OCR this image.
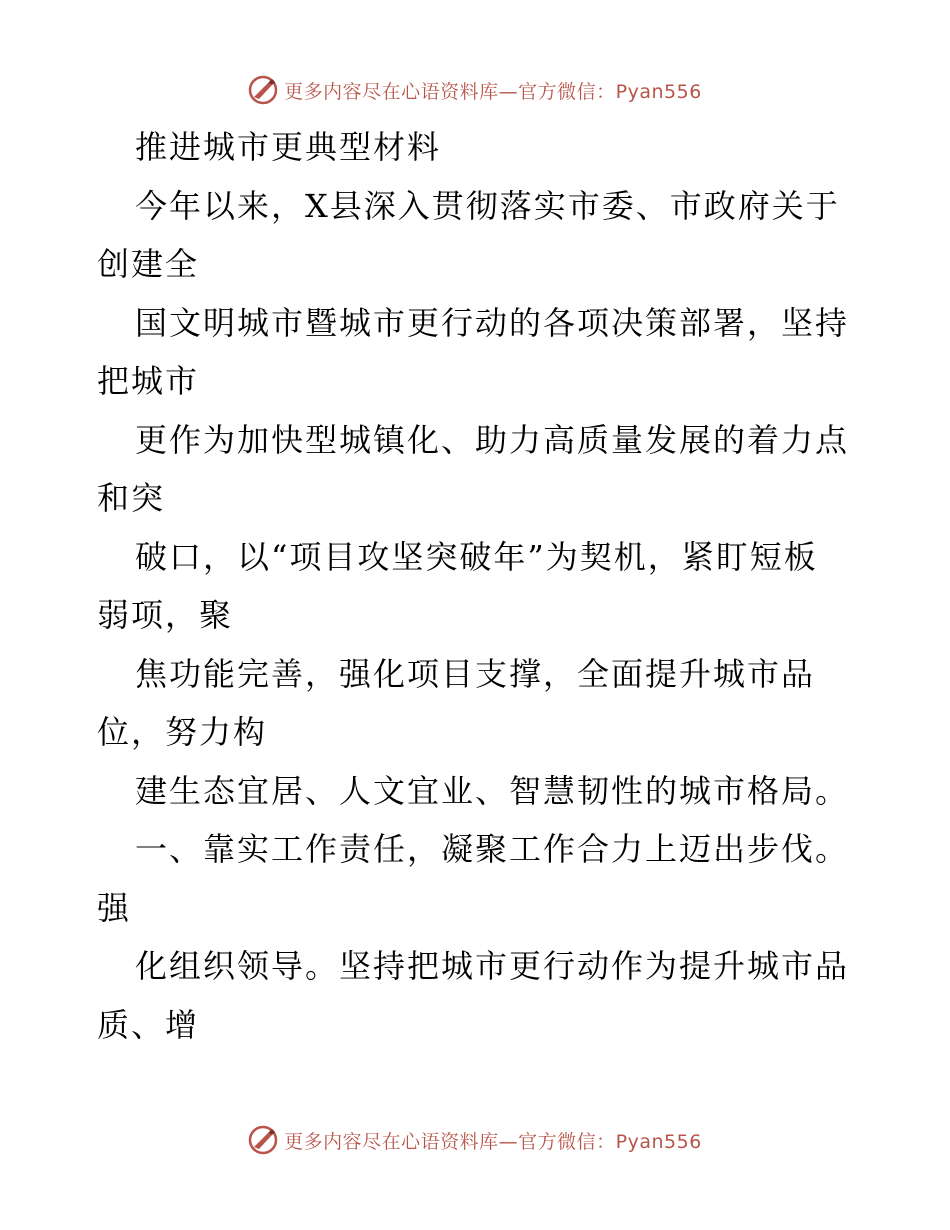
更多内容尽在心语资料库—官方微信：Pyan556
推进城市更典型材料
今年以来，X县深入贯彻落实市委、市政府关于
创建全
国文明城市暨城市更行动的各项决策部署，坚持
把城市
更作为加快型城镇化、助力高质量发展的着力点
和突
破口，以“项目攻坚突破年”为契机，紧盯短板
弱项，聚
焦功能完善，强化项目支撑，全面提升城市品
位，努力构
建生态宜居、人文宜业、智慧韧性的城市格局。
一、靠实工作责任，凝聚工作合力上迈出步伐。
强
化组织领导。坚持把城市更行动作为提升城市品
质、增
更多内容尽在心语资料库—官方微信：Pyan556
